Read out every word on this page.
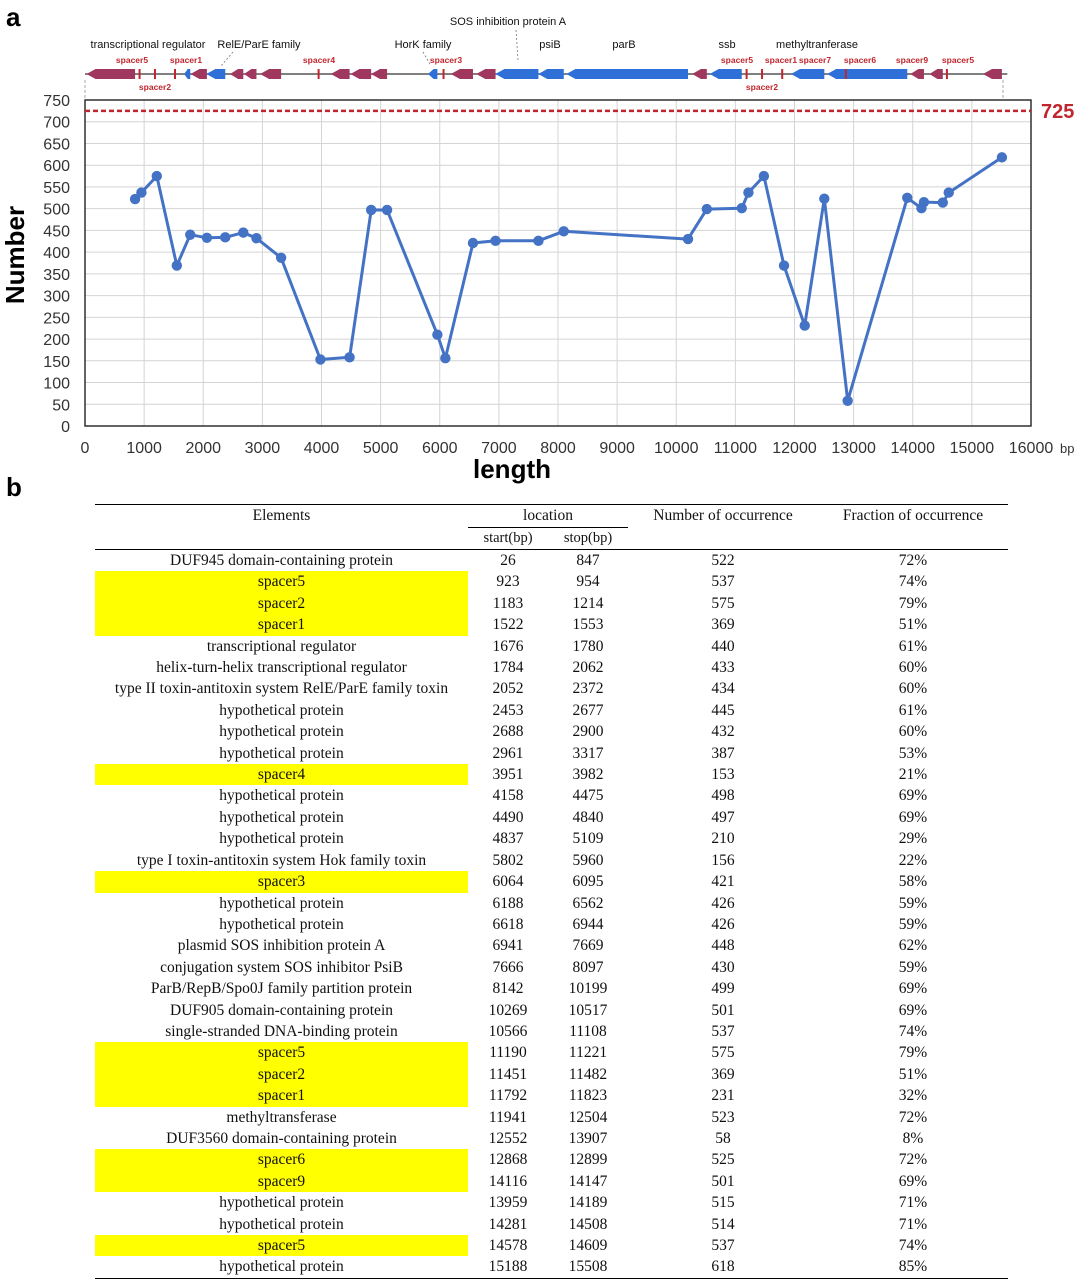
a
transcriptional regulator RelE/ParE family
SOS inhibition protein A
HorK family	psiB	parB	ssb	methyltranferase
spacer5	spacer1
spacer2
spacer4	spacer3	spacer5 spacer1 spacer7 spacer6 spacer9 spacer5
spacer2
0
50
100
150
200
250
300
350
400
450
500
550
600
650
700
750
0 1000 2000 3000 4000 5000 6000 7000 8000 9000 10000 11000 12000 13000 14000 15000 16000 bp
length
Number
725
b
Elements	location		Number of occurrence	Fraction of occurrence
	start(bp)	stop(bp)		
DUF945 domain-containing protein	26	847	522	72%
spacer5	923	954	537	74%
spacer2	1183	1214	575	79%
spacer1	1522	1553	369	51%
transcriptional regulator	1676	1780	440	61%
helix-turn-helix transcriptional regulator	1784	2062	433	60%
type II toxin-antitoxin system RelE/ParE family toxin	2052	2372	434	60%
hypothetical protein	2453	2677	445	61%
hypothetical protein	2688	2900	432	60%
hypothetical protein	2961	3317	387	53%
spacer4	3951	3982	153	21%
hypothetical protein	4158	4475	498	69%
hypothetical protein	4490	4840	497	69%
hypothetical protein	4837	5109	210	29%
type I toxin-antitoxin system Hok family toxin	5802	5960	156	22%
spacer3	6064	6095	421	58%
hypothetical protein	6188	6562	426	59%
hypothetical protein	6618	6944	426	59%
plasmid SOS inhibition protein A	6941	7669	448	62%
conjugation system SOS inhibitor PsiB	7666	8097	430	59%
ParB/RepB/Spo0J family partition protein	8142	10199	499	69%
DUF905 domain-containing protein	10269	10517	501	69%
single-stranded DNA-binding protein	10566	11108	537	74%
spacer5	11190	11221	575	79%
spacer2	11451	11482	369	51%
spacer1	11792	11823	231	32%
methyltransferase	11941	12504	523	72%
DUF3560 domain-containing protein	12552	13907	58	8%
spacer6	12868	12899	525	72%
spacer9	14116	14147	501	69%
hypothetical protein	13959	14189	515	71%
hypothetical protein	14281	14508	514	71%
spacer5	14578	14609	537	74%
hypothetical protein	15188	15508	618	85%
